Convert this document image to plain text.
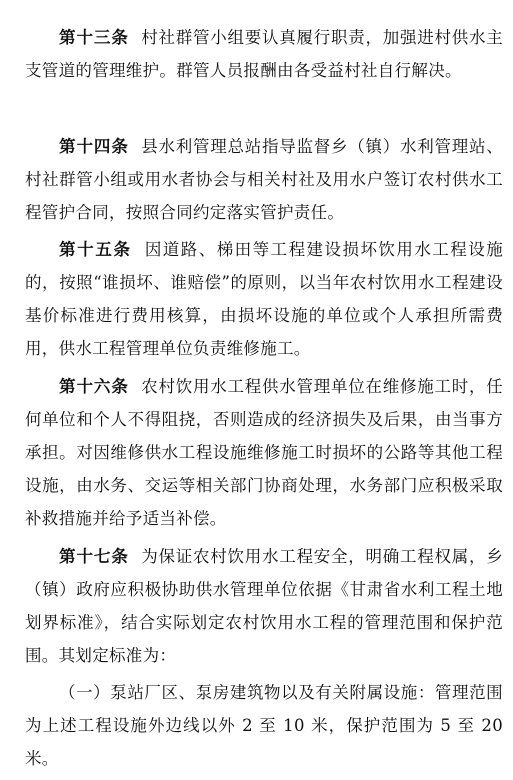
第十三条 村社群管小组要认真履行职责，加强进村供水主支管道的管理维护。群管人员报酬由各受益村社自行解决。

第十四条 县水利管理总站指导监督乡（镇）水利管理站、村社群管小组或用水者协会与相关村社及用水户签订农村供水工程管护合同，按照合同约定落实管护责任。

第十五条 因道路、梯田等工程建设损坏饮用水工程设施的，按照“谁损坏、谁赔偿”的原则，以当年农村饮用水工程建设基价标准进行费用核算，由损坏设施的单位或个人承担所需费用，供水工程管理单位负责维修施工。

第十六条 农村饮用水工程供水管理单位在维修施工时，任何单位和个人不得阻挠，否则造成的经济损失及后果，由当事方承担。对因维修供水工程设施维修施工时损坏的公路等其他工程设施，由水务、交运等相关部门协商处理，水务部门应积极采取补救措施并给予适当补偿。

第十七条 为保证农村饮用水工程安全，明确工程权属，乡（镇）政府应积极协助供水管理单位依据《甘肃省水利工程土地划界标准》，结合实际划定农村饮用水工程的管理范围和保护范围。其划定标准为：

（一）泵站厂区、泵房建筑物以及有关附属设施：管理范围为上述工程设施外边线以外 2 至 10 米，保护范围为 5 至 20 米。
